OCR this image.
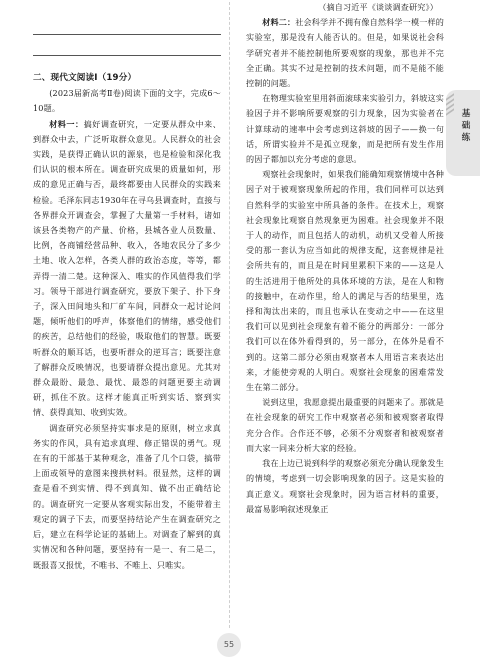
二、现代文阅读Ⅰ（19分）
(2023届新高考Ⅱ卷)阅读下面的文字，完成6～10题。
材料一：搞好调查研究，一定要从群众中来、到群众中去，广泛听取群众意见。人民群众的社会实践，是获得正确认识的源泉，也是检验和深化我们认识的根本所在。调查研究成果的质量如何，形成的意见正确与否，最终都要由人民群众的实践来检验。毛泽东同志1930年在寻乌县调查时，直接与各界群众开调查会，掌握了大量第一手材料，诸如该县各类物产的产量、价格，县城各业人员数量、比例，各商铺经营品种、收入，各地农民分了多少土地、收入怎样，各类人群的政治态度，等等，都弄得一清二楚。这种深入、唯实的作风值得我们学习。领导干部进行调查研究，要放下架子、扑下身子，深入田间地头和厂矿车间，同群众一起讨论问题，倾听他们的呼声，体察他们的情绪，感受他们的疾苦，总结他们的经验，吸取他们的智慧。既要听群众的顺耳话，也要听群众的逆耳言；既要注意了解群众反映情况，也要请群众提出意见。尤其对群众最盼、最急、最忧、最怨的问题更要主动调研，抓住不放。这样才能真正听到实话、察到实情、获得真知、收到实效。
调查研究必须坚持实事求是的原则，树立求真务实的作风，具有追求真理、修正错误的勇气。现在有的干部基于某种观念，准备了几个口袋，搞带上面或领导的意图来搜拱材料。很显然，这样的调查是看不到实情、得不到真知、做不出正确结论的。调查研究一定要从客观实际出发，不能带着主观定的调子下去，而要坚持结论产生在调查研究之后，建立在科学论证的基础上。对调查了解到的真实情况和各种问题，要坚持有一是一、有二是二，既报喜又报忧，不唯书、不唯上、只唯实。
（摘自习近平《谈谈调查研究》）
材料二：社会科学并不拥有像自然科学一模一样的实验室，那是没有人能否认的。但是，如果说社会科学研究者并不能控制他所要观察的现象，那也并不完全正确。其实不过是控制的技术问题，而不是能不能控制的问题。
在物理实验室里用斜面滚球来实验引力，斜坡这实验因子并不影响所要观察的引力现象，因为实验者在计算球动的速率中会考虑到这斜坡的因子——换一句话，所谓实验并不是孤立现象，而是把所有发生作用的因子都加以充分考虑的意思。
观察社会现象时，如果我们能确知观察情境中各种因子对于被观察现象所起的作用，我们同样可以达到自然科学的实验室中所具备的条件。在技术上，观察社会现象比观察自然现象更为困难。社会现象并不限于人的动作，而且包括人的动机，动机又受着人所接受的那一套认为应当如此的规律支配，这套规律是社会所共有的，而且是在时间里累积下来的——这是人的生活进用于他所处的具体环境的方法，是在人和物的接触中，在动作里，给人的满足与否的结果里，选择和淘汰出来的，而且也承认在变动之中——在这里我们可以见到社会现象有着不能分的两部分：一部分我们可以在体外看得到的，另一部分，在体外是看不到的。这第二部分必须由观察者本人用语言来表达出来，才能使旁观的人明白。观察社会现象的困难常发生在第二部分。
说到这里，我愿意提出最重要的问题来了。那就是在社会现象的研究工作中观察者必须和被观察者取得充分合作。合作还不够，必须不分观察者和被观察者而大家一同来分析大家的经验。
我在上边已说到科学的观察必须充分确认现象发生的情境，考虑到一切会影响现象的因子。这是实验的真正意义。观察社会现象时，因为语言材料的重要，最富易影响叙述现象正
基础练
55
